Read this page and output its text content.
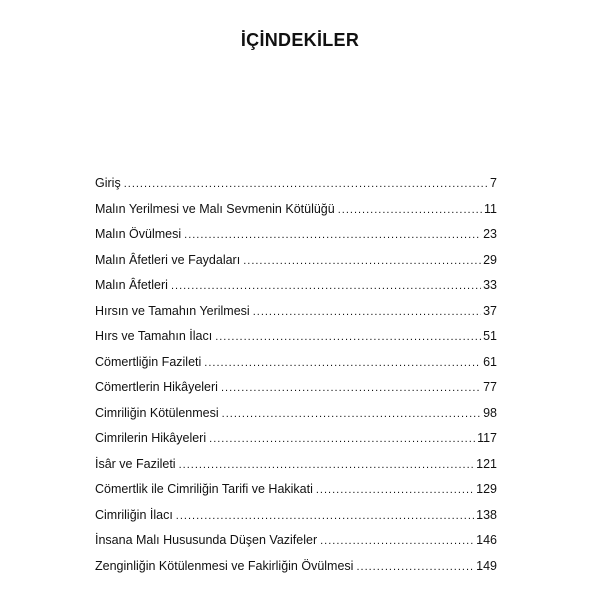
İÇİNDEKİLER
Giriş .....	7
Malın Yerilmesi ve Malı Sevmenin Kötülüğü .....	11
Malın Övülmesi .....	23
Malın Âfetleri ve Faydaları .....	29
Malın Âfetleri .....	33
Hırsın ve Tamahın Yerilmesi .....	37
Hırs ve Tamahın İlacı .....	51
Cömertliğin Fazileti .....	61
Cömertlerin Hikâyeleri .....	77
Cimriliğin Kötülenmesi .....	98
Cimrilerin Hikâyeleri .....	117
İsâr ve Fazileti .....	121
Cömertlik ile Cimriliğin Tarifi ve Hakikati .....	129
Cimriliğin İlacı .....	138
İnsana Malı Hususunda Düşen Vazifeler .....	146
Zenginliğin Kötülenmesi ve Fakirliğin Övülmesi .....	149
